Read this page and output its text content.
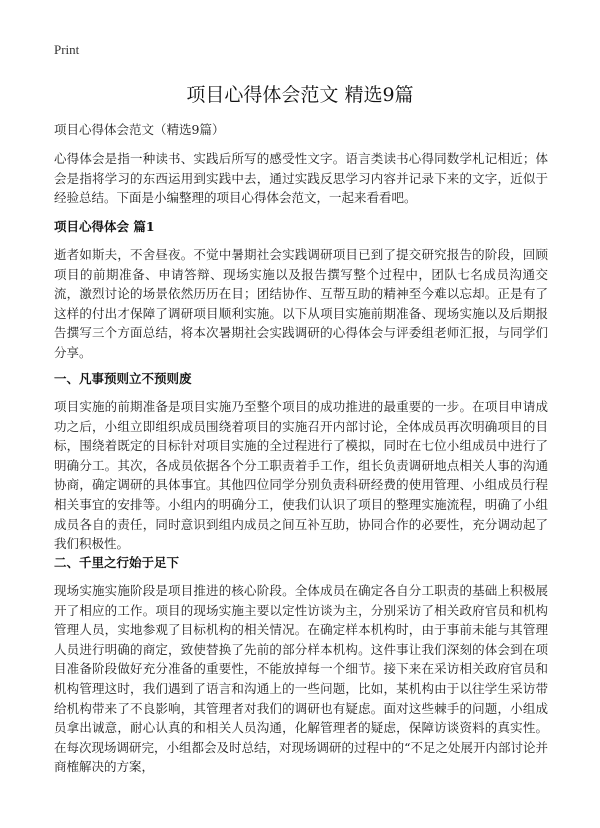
Print
项目心得体会范文 精选9篇
项目心得体会范文（精选9篇）
心得体会是指一种读书、实践后所写的感受性文字。语言类读书心得同数学札记相近；体会是指将学习的东西运用到实践中去，通过实践反思学习内容并记录下来的文字，近似于经验总结。下面是小编整理的项目心得体会范文，一起来看看吧。
项目心得体会 篇1
逝者如斯夫，不舍昼夜。不觉中暑期社会实践调研项目已到了提交研究报告的阶段，回顾项目的前期准备、申请答辩、现场实施以及报告撰写整个过程中，团队七名成员沟通交流，激烈讨论的场景依然历历在目；团结协作、互帮互助的精神至今难以忘却。正是有了这样的付出才保障了调研项目顺利实施。以下从项目实施前期准备、现场实施以及后期报告撰写三个方面总结，将本次暑期社会实践调研的心得体会与评委组老师汇报，与同学们分享。
一、凡事预则立不预则废
项目实施的前期准备是项目实施乃至整个项目的成功推进的最重要的一步。在项目申请成功之后，小组立即组织成员围绕着项目的实施召开内部讨论，全体成员再次明确项目的目标，围绕着既定的目标针对项目实施的全过程进行了模拟，同时在七位小组成员中进行了明确分工。其次，各成员依据各个分工职责着手工作，组长负责调研地点相关人事的沟通协商，确定调研的具体事宜。其他四位同学分别负责科研经费的使用管理、小组成员行程相关事宜的安排等。小组内的明确分工，使我们认识了项目的整理实施流程，明确了小组成员各自的责任，同时意识到组内成员之间互补互助，协同合作的必要性，充分调动起了我们积极性。
二、千里之行始于足下
现场实施实施阶段是项目推进的核心阶段。全体成员在确定各自分工职责的基础上积极展开了相应的工作。项目的现场实施主要以定性访谈为主，分别采访了相关政府官员和机构管理人员，实地参观了目标机构的相关情况。在确定样本机构时，由于事前未能与其管理人员进行明确的商定，致使替换了先前的部分样本机构。这件事让我们深刻的体会到在项目准备阶段做好充分准备的重要性，不能放掉每一个细节。接下来在采访相关政府官员和机构管理这时，我们遇到了语言和沟通上的一些问题，比如，某机构由于以往学生采访带给机构带来了不良影响，其管理者对我们的调研也有疑虑。面对这些棘手的问题，小组成员拿出诚意，耐心认真的和相关人员沟通，化解管理者的疑虑，保障访谈资料的真实性。在每次现场调研完，小组都会及时总结，对现场调研的过程中的“不足之处展开内部讨论并商榷解决的方案，
